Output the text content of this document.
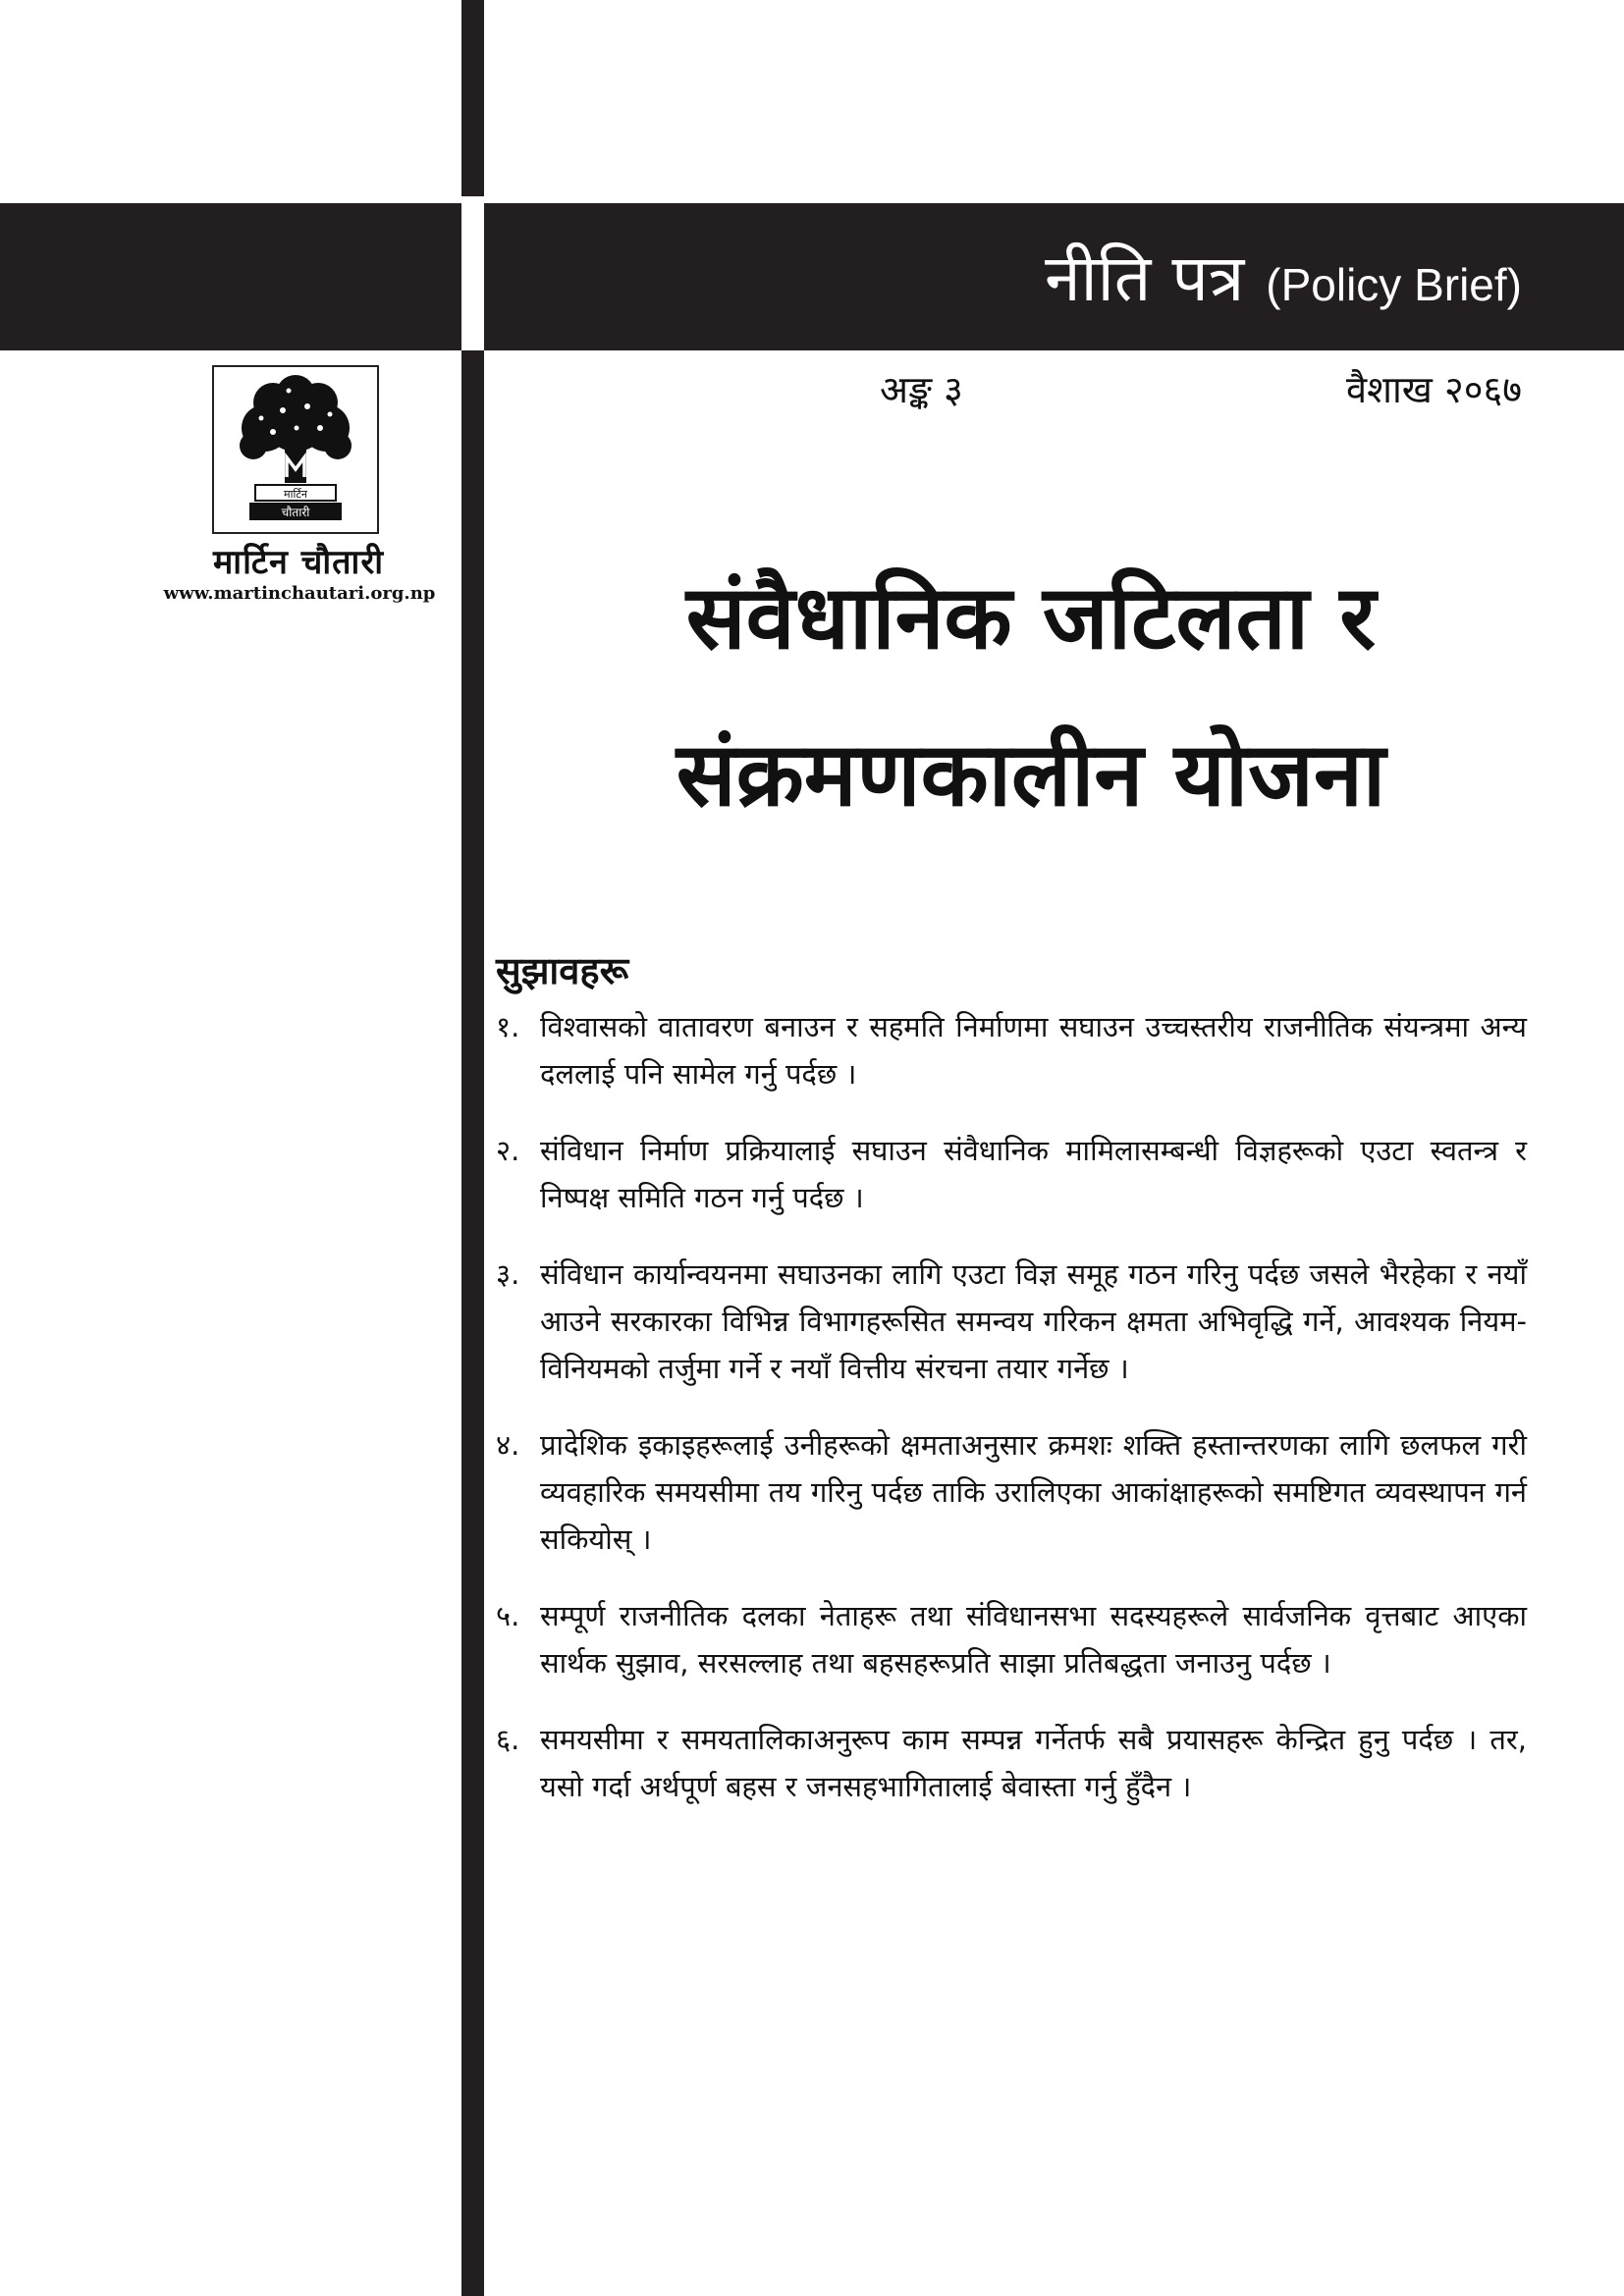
नीति पत्र (Policy Brief)
अङ्क ३	वैशाख २०६७
मार्टिन
चौतारी
मार्टिन चौतारी
www.martinchautari.org.np	संवैधानिक जटिलता र
संक्रमणकालीन योजना
सुझावहरू
१. विश्वासको वातावरण बनाउन र सहमति निर्माणमा सघाउन उच्चस्तरीय राजनीतिक संयन्त्रमा अन्य दललाई पनि सामेल गर्नु पर्दछ ।
२. संविधान निर्माण प्रक्रियालाई सघाउन संवैधानिक मामिलासम्बन्धी विज्ञहरूको एउटा स्वतन्त्र र निष्पक्ष समिति गठन गर्नु पर्दछ ।
३. संविधान कार्यान्वयनमा सघाउनका लागि एउटा विज्ञ समूह गठन गरिनु पर्दछ जसले भैरहेका र नयाँ आउने सरकारका विभिन्न विभागहरूसित समन्वय गरिकन क्षमता अभिवृद्धि गर्ने, आवश्यक नियम-विनियमको तर्जुमा गर्ने र नयाँ वित्तीय संरचना तयार गर्नेछ ।
४. प्रादेशिक इकाइहरूलाई उनीहरूको क्षमताअनुसार क्रमशः शक्ति हस्तान्तरणका लागि छलफल गरी व्यवहारिक समयसीमा तय गरिनु पर्दछ ताकि उरालिएका आकांक्षाहरूको समष्टिगत व्यवस्थापन गर्न सकियोस् ।
५. सम्पूर्ण राजनीतिक दलका नेताहरू तथा संविधानसभा सदस्यहरूले सार्वजनिक वृत्तबाट आएका सार्थक सुझाव, सरसल्लाह तथा बहसहरूप्रति साझा प्रतिबद्धता जनाउनु पर्दछ ।
६. समयसीमा र समयतालिकाअनुरूप काम सम्पन्न गर्नेतर्फ सबै प्रयासहरू केन्द्रित हुनु पर्दछ । तर, यसो गर्दा अर्थपूर्ण बहस र जनसहभागितालाई बेवास्ता गर्नु हुँदैन ।
